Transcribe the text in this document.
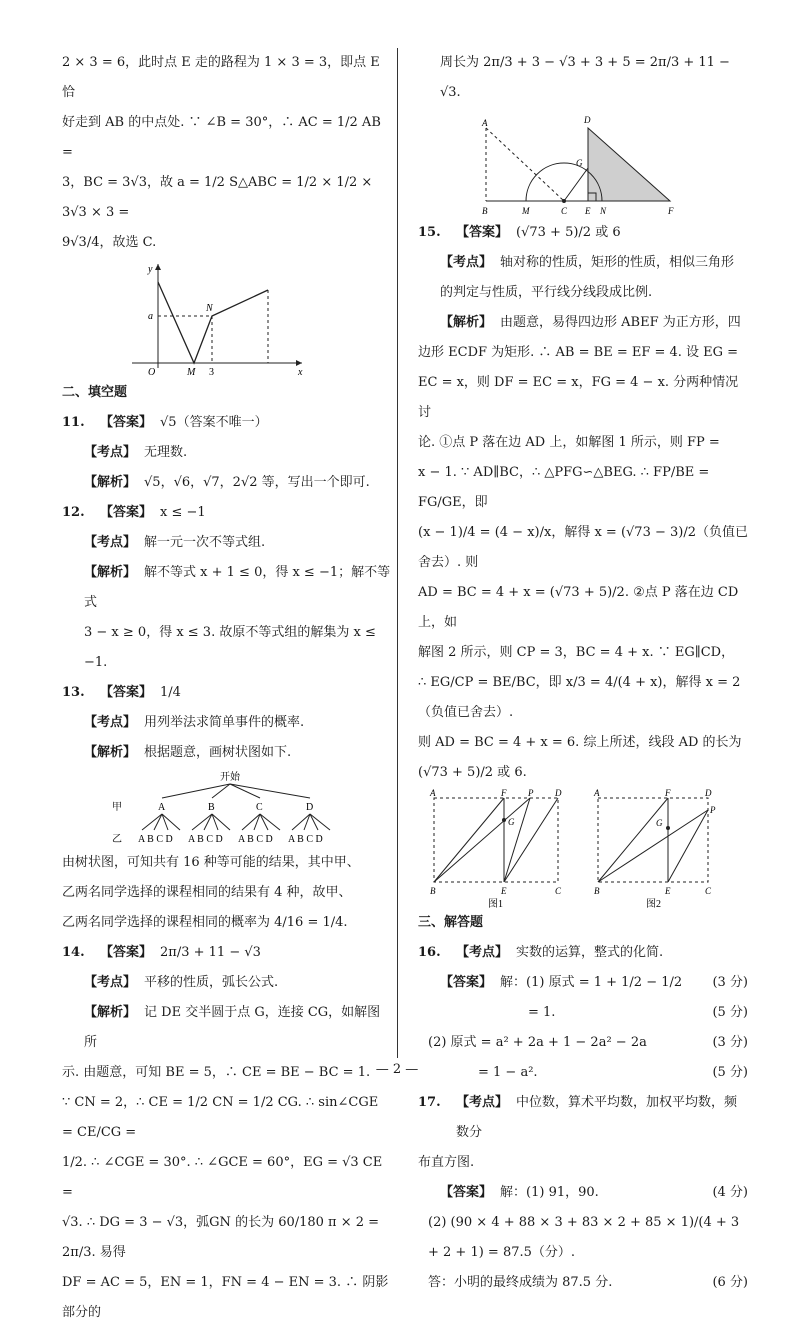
2 × 3 = 6，此时点 E 走的路程为 1 × 3 = 3，即点 E 恰

好走到 AB 的中点处. ∵ ∠B = 30°，∴ AC = 1/2 AB =

3，BC = 3√3，故 a = 1/2 S△ABC = 1/2 × 1/2 × 3√3 × 3 =

9√3/4，故选 C.

y
x
O
a
N
M 3

二、填空题

11.	【答案】 √5（答案不唯一）

【考点】 无理数.

【解析】 √5，√6，√7，2√2 等，写出一个即可.

12.	【答案】 x ≤ −1

【考点】 解一元一次不等式组.

【解析】 解不等式 x + 1 ≤ 0，得 x ≤ −1；解不等式

3 − x ≥ 0，得 x ≤ 3. 故原不等式组的解集为 x ≤ −1.

13.	【答案】 1/4

【考点】 用列举法求简单事件的概率.

【解析】 根据题意，画树状图如下.

开始
甲	A	B	C	D
乙 A B C D A B C D A B C D A B C D

由树状图，可知共有 16 种等可能的结果，其中甲、

乙两名同学选择的课程相同的结果有 4 种，故甲、

乙两名同学选择的课程相同的概率为 4/16 = 1/4.

14.	【答案】 2π/3 + 11 − √3

【考点】 平移的性质，弧长公式.

【解析】 记 DE 交半圆于点 G，连接 CG，如解图所

示. 由题意，可知 BE = 5，∴ CE = BE − BC = 1.

∵ CN = 2，∴ CE = 1/2 CN = 1/2 CG. ∴ sin∠CGE = CE/CG =

1/2. ∴ ∠CGE = 30°. ∴ ∠GCE = 60°，EG = √3 CE =

√3. ∴ DG = 3 − √3，弧GN 的长为 60/180 π × 2 = 2π/3. 易得

DF = AC = 5，EN = 1，FN = 4 − EN = 3. ∴ 阴影部分的

周长为 2π/3 + 3 − √3 + 3 + 5 = 2π/3 + 11 − √3.

A
B	M	C E N	F
D
G
15.	【答案】 (√73 + 5)/2 或 6

【考点】 轴对称的性质，矩形的性质，相似三角形

的判定与性质，平行线分线段成比例.

【解析】 由题意，易得四边形 ABEF 为正方形，四

边形 ECDF 为矩形. ∴ AB = BE = EF = 4. 设 EG =

EC = x，则 DF = EC = x，FG = 4 − x. 分两种情况讨

论. ①点 P 落在边 AD 上，如解图 1 所示，则 FP =

x − 1. ∵ AD∥BC，∴ △PFG∽△BEG. ∴ FP/BE = FG/GE，即

(x − 1)/4 = (4 − x)/x，解得 x = (√73 − 3)/2（负值已舍去）. 则

AD = BC = 4 + x = (√73 + 5)/2. ②点 P 落在边 CD 上，如

解图 2 所示，则 CP = 3，BC = 4 + x. ∵ EG∥CD，

∴ EG/CP = BE/BC，即 x/3 = 4/(4 + x)，解得 x = 2（负值已舍去）.

则 AD = BC = 4 + x = 6. 综上所述，线段 AD 的长为

(√73 + 5)/2 或 6.

A	F P D
G
B	E	C
图1
A	F	D
P
G
B	E	C
图2

三、解答题

16.	【考点】 实数的运算，整式的化简.
【答案】 解：(1) 原式 = 1 + 1/2 − 1/2 (3 分)
= 1.	(5 分)
(2) 原式 = a² + 2a + 1 − 2a² − 2a	(3 分)
= 1 − a².	(5 分)
17.	【考点】 中位数，算术平均数，加权平均数，频数分

布直方图.

【答案】 解：(1) 91，90.	(4 分)
(2) (90 × 4 + 88 × 3 + 83 × 2 + 85 × 1)/(4 + 3 + 2 + 1) = 87.5（分）.
答：小明的最终成绩为 87.5 分.	(6 分)
— 2 —
